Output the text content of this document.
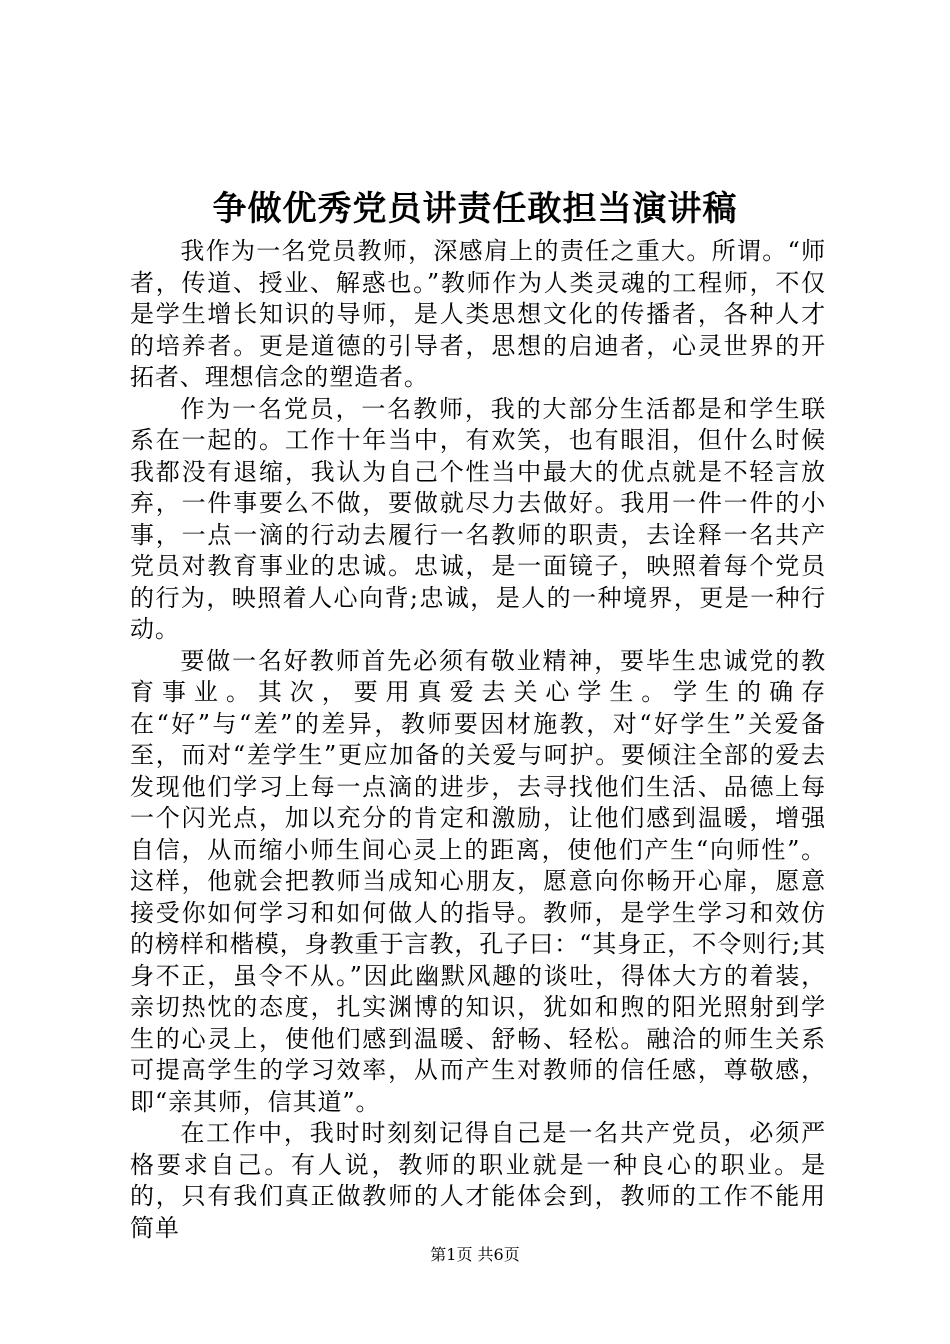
争做优秀党员讲责任敢担当演讲稿

我作为一名党员教师，深感肩上的责任之重大。所谓。“师者，传道、授业、解惑也。”教师作为人类灵魂的工程师，不仅是学生增长知识的导师，是人类思想文化的传播者，各种人才的培养者。更是道德的引导者，思想的启迪者，心灵世界的开拓者、理想信念的塑造者。

作为一名党员，一名教师，我的大部分生活都是和学生联系在一起的。工作十年当中，有欢笑，也有眼泪，但什么时候我都没有退缩，我认为自己个性当中最大的优点就是不轻言放弃，一件事要么不做，要做就尽力去做好。我用一件一件的小事，一点一滴的行动去履行一名教师的职责，去诠释一名共产党员对教育事业的忠诚。忠诚，是一面镜子，映照着每个党员的行为，映照着人心向背;忠诚，是人的一种境界，更是一种行动。

要做一名好教师首先必须有敬业精神，要毕生忠诚党的教育事业。其次，要用真爱去关心学生。学生的确存在“好”与“差”的差异，教师要因材施教，对“好学生”关爱备至，而对“差学生”更应加备的关爱与呵护。要倾注全部的爱去发现他们学习上每一点滴的进步，去寻找他们生活、品德上每一个闪光点，加以充分的肯定和激励，让他们感到温暖，增强自信，从而缩小师生间心灵上的距离，使他们产生“向师性”。这样，他就会把教师当成知心朋友，愿意向你畅开心扉，愿意接受你如何学习和如何做人的指导。教师，是学生学习和效仿的榜样和楷模，身教重于言教，孔子曰：“其身正，不令则行;其身不正，虽令不从。”因此幽默风趣的谈吐，得体大方的着装，亲切热忱的态度，扎实渊博的知识，犹如和煦的阳光照射到学生的心灵上，使他们感到温暖、舒畅、轻松。融洽的师生关系可提高学生的学习效率，从而产生对教师的信任感，尊敬感，即“亲其师，信其道”。

在工作中，我时时刻刻记得自己是一名共产党员，必须严格要求自己。有人说，教师的职业就是一种良心的职业。是的，只有我们真正做教师的人才能体会到，教师的工作不能用简单

第1页 共6页
